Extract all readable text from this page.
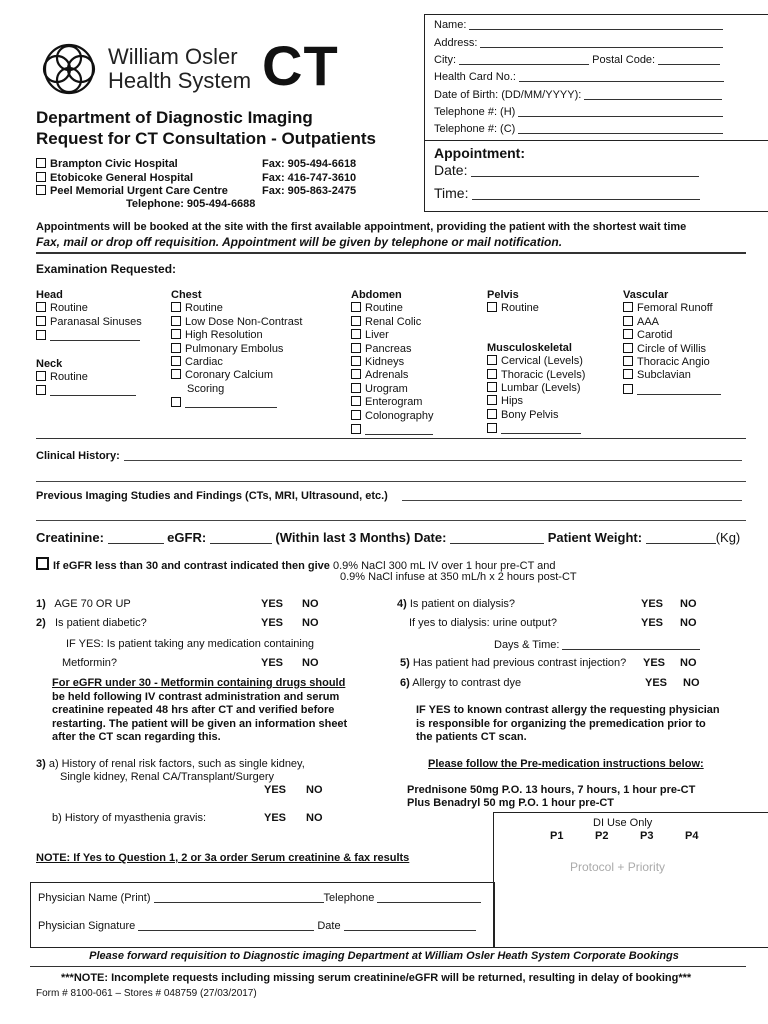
William Osler
Health System CT
Department of Diagnostic Imaging
Request for CT Consultation - Outpatients
Brampton Civic Hospital	Fax: 905-494-6618
Etobicoke General Hospital	Fax: 416-747-3610
Peel Memorial Urgent Care Centre	Fax: 905-863-2475
Telephone: 905-494-6688
Name:
Address:
City:	Postal Code:
Health Card No.:
Date of Birth: (DD/MM/YYYY):
Telephone #: (H)
Telephone #: (C)
Appointment:
Date:
Time:
Appointments will be booked at the site with the first available appointment, providing the patient with the shortest wait time
Fax, mail or drop off requisition. Appointment will be given by telephone or mail notification.
Examination Requested:
Head
Routine
Paranasal Sinuses
Neck
Routine
Chest
Routine
Low Dose Non-Contrast
High Resolution
Pulmonary Embolus
Cardiac
Coronary Calcium
Scoring
Abdomen
Routine
Renal Colic
Liver
Pancreas
Kidneys
Adrenals
Urogram
Enterogram
Colonography
Pelvis
Routine
Musculoskeletal
Cervical (Levels)
Thoracic (Levels)
Lumbar (Levels)
Hips
Bony Pelvis
Vascular
Femoral Runoff
AAA
Carotid
Circle of Willis
Thoracic Angio
Subclavian
Clinical History:
Previous Imaging Studies and Findings (CTs, MRI, Ultrasound, etc.)
Creatinine:	eGFR:	(Within last 3 Months) Date:	Patient Weight:	(Kg)
If eGFR less than 30 and contrast indicated then give 0.9% NaCl 300 mL IV over 1 hour pre-CT and
0.9% NaCl infuse at 350 mL/h x 2 hours post-CT
1) AGE 70 OR UP	YES NO
2) Is patient diabetic?	YES NO
IF YES: Is patient taking any medication containing
Metformin?	YES NO
For eGFR under 30 - Metformin containing drugs should
be held following IV contrast administration and serum
creatinine repeated 48 hrs after CT and verified before
restarting. The patient will be given an information sheet
after the CT scan regarding this.
3) a) History of renal risk factors, such as single kidney,
Single kidney, Renal CA/Transplant/Surgery
YES NO
b) History of myasthenia gravis:	YES NO
NOTE: If Yes to Question 1, 2 or 3a order Serum creatinine & fax results
4) Is patient on dialysis?	YES NO
If yes to dialysis: urine output?	YES NO
Days & Time:
5) Has patient had previous contrast injection? YES NO
6) Allergy to contrast dye	YES NO
IF YES to known contrast allergy the requesting physician
is responsible for organizing the premedication prior to
the patients CT scan.
Please follow the Pre-medication instructions below:
Prednisone 50mg P.O. 13 hours, 7 hours, 1 hour pre-CT
Plus Benadryl 50 mg P.O. 1 hour pre-CT
DI Use Only
P1	P2	P3	P4
Protocol + Priority
Physician Name (Print)	Telephone
Physician Signature	Date
Please forward requisition to Diagnostic imaging Department at William Osler Heath System Corporate Bookings
***NOTE: Incomplete requests including missing serum creatinine/eGFR will be returned, resulting in delay of booking***
Form # 8100-061 – Stores # 048759 (27/03/2017)
